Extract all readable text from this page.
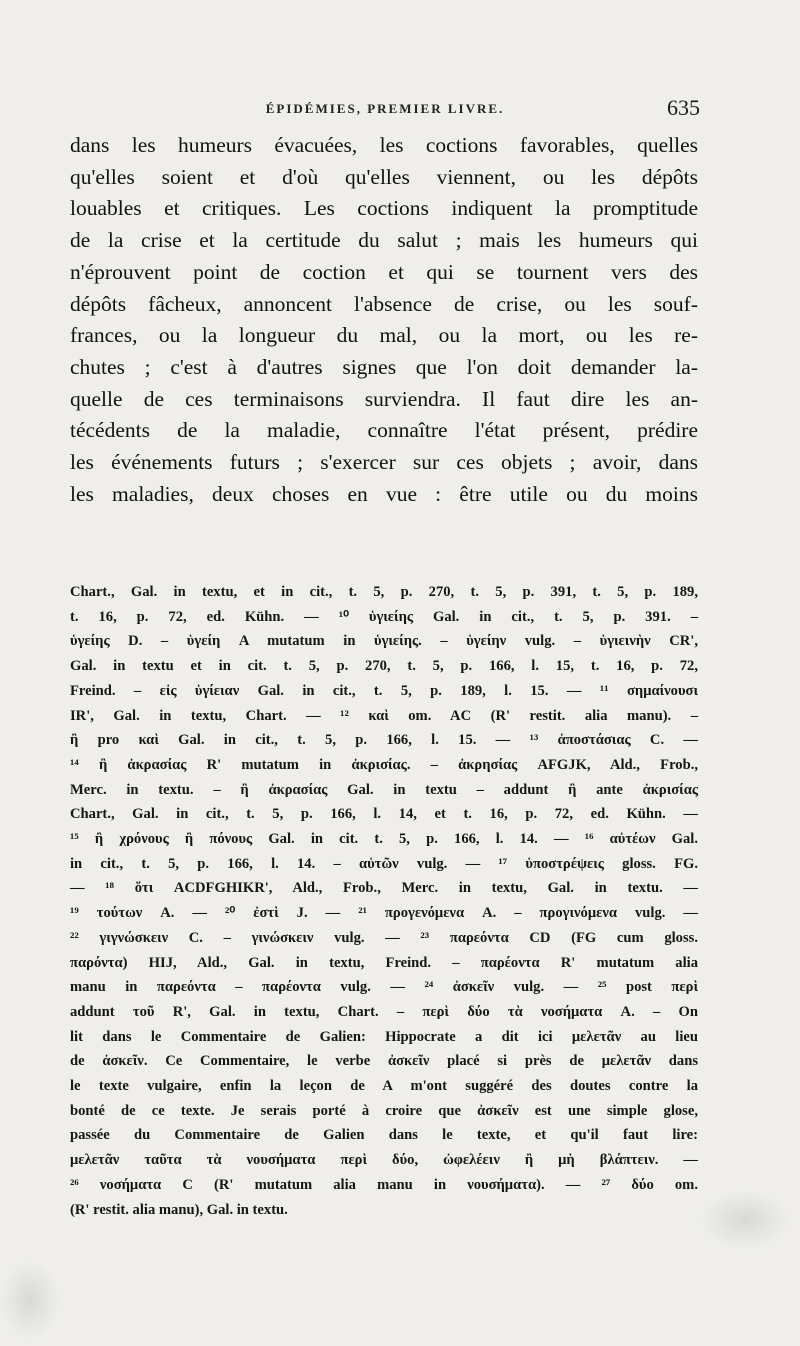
ÉPIDÉMIES, PREMIER LIVRE.	635
dans les humeurs évacuées, les coctions favorables, quelles
qu'elles soient et d'où qu'elles viennent, ou les dépôts
louables et critiques. Les coctions indiquent la promptitude
de la crise et la certitude du salut ; mais les humeurs qui
n'éprouvent point de coction et qui se tournent vers des
dépôts fâcheux, annoncent l'absence de crise, ou les souf-
frances, ou la longueur du mal, ou la mort, ou les re-
chutes ; c'est à d'autres signes que l'on doit demander la-
quelle de ces terminaisons surviendra. Il faut dire les an-
técédents de la maladie, connaître l'état présent, prédire
les événements futurs ; s'exercer sur ces objets ; avoir, dans
les maladies, deux choses en vue : être utile ou du moins
Chart., Gal. in textu, et in cit., t. 5, p. 270, t. 5, p. 391, t. 5, p. 189,
t. 16, p. 72, ed. Kühn. — ¹⁰ ὑγιείης Gal. in cit., t. 5, p. 391. –
ὑγείης D. – ὑγείη A mutatum in ὑγιείης. – ὑγείην vulg. – ὑγιεινὴν CR',
Gal. in textu et in cit. t. 5, p. 270, t. 5, p. 166, l. 15, t. 16, p. 72,
Freind. – εἰς ὑγίειαν Gal. in cit., t. 5, p. 189, l. 15. — ¹¹ σημαίνουσι
IR', Gal. in textu, Chart. — ¹² καὶ om. AC (R' restit. alia manu). –
ἢ pro καὶ Gal. in cit., t. 5, p. 166, l. 15. — ¹³ ἀποστάσιας C. —
¹⁴ ἢ ἀκρασίας R' mutatum in ἀκρισίας. – ἀκρησίας AFGJK, Ald., Frob.,
Merc. in textu. – ἢ ἀκρασίας Gal. in textu – addunt ἢ ante ἀκρισίας
Chart., Gal. in cit., t. 5, p. 166, l. 14, et t. 16, p. 72, ed. Kühn. —
¹⁵ ἢ χρόνους ἢ πόνους Gal. in cit. t. 5, p. 166, l. 14. — ¹⁶ αὐτέων Gal.
in cit., t. 5, p. 166, l. 14. – αὐτῶν vulg. — ¹⁷ ὑποστρέψεις gloss. FG.
— ¹⁸ ὅτι ACDFGHIKR', Ald., Frob., Merc. in textu, Gal. in textu. —
¹⁹ τούτων A. — ²⁰ ἐστὶ J. — ²¹ προγενόμενα A. – προγινόμενα vulg. —
²² γιγνώσκειν C. – γινώσκειν vulg. — ²³ παρεόντα CD (FG cum gloss.
παρόντα) HIJ, Ald., Gal. in textu, Freind. – παρέοντα R' mutatum alia
manu in παρεόντα – παρέοντα vulg. — ²⁴ ἀσκεῖν vulg. — ²⁵ post περὶ
addunt τοῦ R', Gal. in textu, Chart. – περὶ δύο τὰ νοσήματα A. – On
lit dans le Commentaire de Galien: Hippocrate a dit ici μελετᾶν au lieu
de ἀσκεῖν. Ce Commentaire, le verbe ἀσκεῖν placé si près de μελετᾶν dans
le texte vulgaire, enfin la leçon de A m'ont suggéré des doutes contre la
bonté de ce texte. Je serais porté à croire que ἀσκεῖν est une simple glose,
passée du Commentaire de Galien dans le texte, et qu'il faut lire:
μελετᾶν ταῦτα τὰ νουσήματα περὶ δύο, ὠφελέειν ἢ μὴ βλάπτειν. —
²⁶ νοσήματα C (R' mutatum alia manu in νουσήματα). — ²⁷ δύο om.
(R' restit. alia manu), Gal. in textu.
